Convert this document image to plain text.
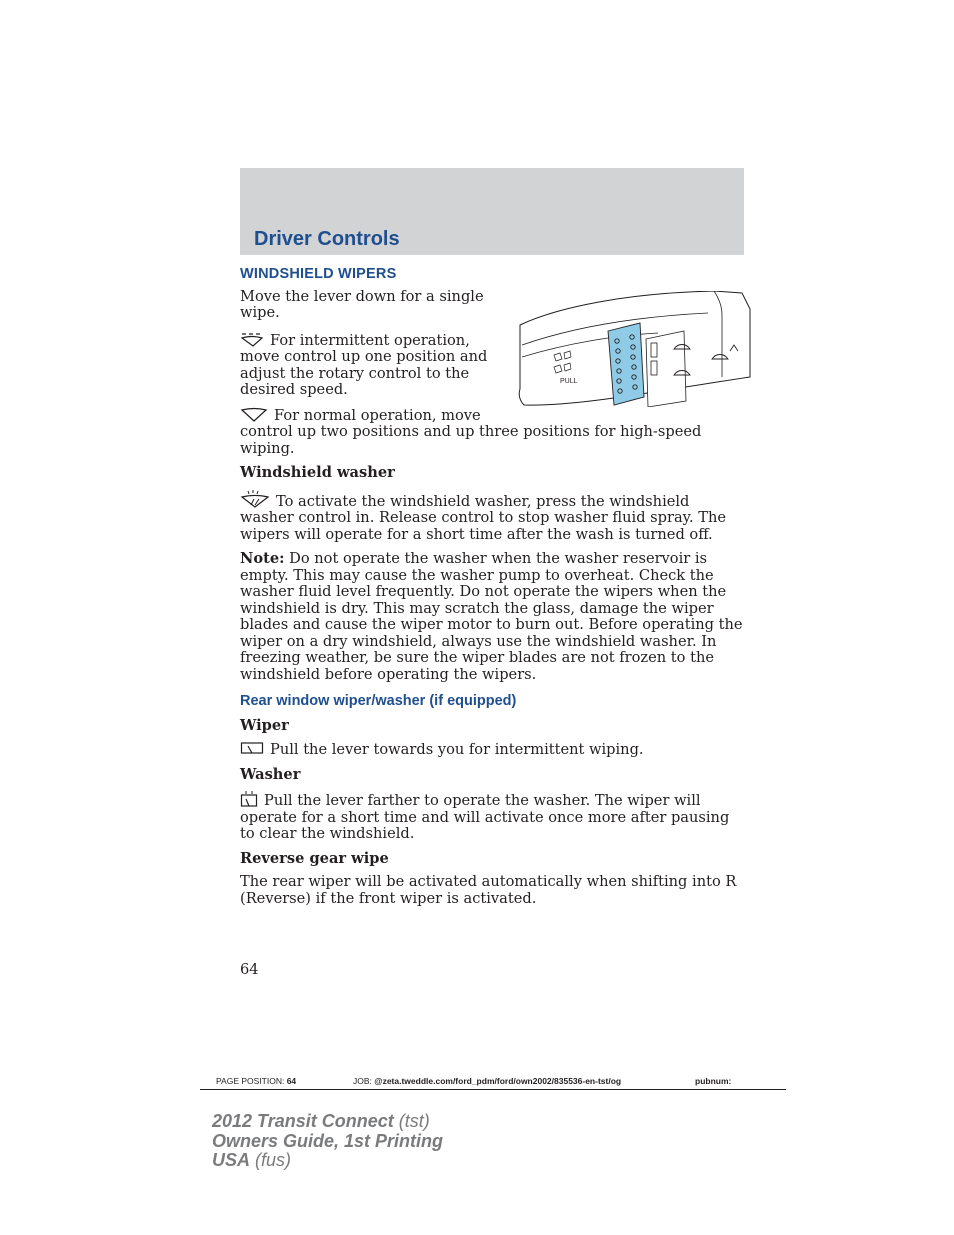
Driver Controls
WINDSHIELD WIPERS
PULL

Move the lever down for a single wipe.

For intermittent operation, move control up one position and adjust the rotary control to the desired speed.

For normal operation, move control up two positions and up three positions for high-speed wiping.

Windshield washer

To activate the windshield washer, press the windshield washer control in. Release control to stop washer fluid spray. The wipers will operate for a short time after the wash is turned off.

Note: Do not operate the washer when the washer reservoir is empty. This may cause the washer pump to overheat. Check the washer fluid level frequently. Do not operate the wipers when the windshield is dry. This may scratch the glass, damage the wiper blades and cause the wiper motor to burn out. Before operating the wiper on a dry windshield, always use the windshield washer. In freezing weather, be sure the wiper blades are not frozen to the windshield before operating the wipers.

Rear window wiper/washer (if equipped)
Wiper

Pull the lever towards you for intermittent wiping.

Washer

Pull the lever farther to operate the washer. The wiper will operate for a short time and will activate once more after pausing to clear the windshield.

Reverse gear wipe

The rear wiper will be activated automatically when shifting into R (Reverse) if the front wiper is activated.

64
PAGE POSITION: 64	JOB: @zeta.tweddle.com/ford_pdm/ford/own2002/835536-en-tst/og	pubnum:
2012 Transit Connect (tst)
Owners Guide, 1st Printing
USA (fus)
